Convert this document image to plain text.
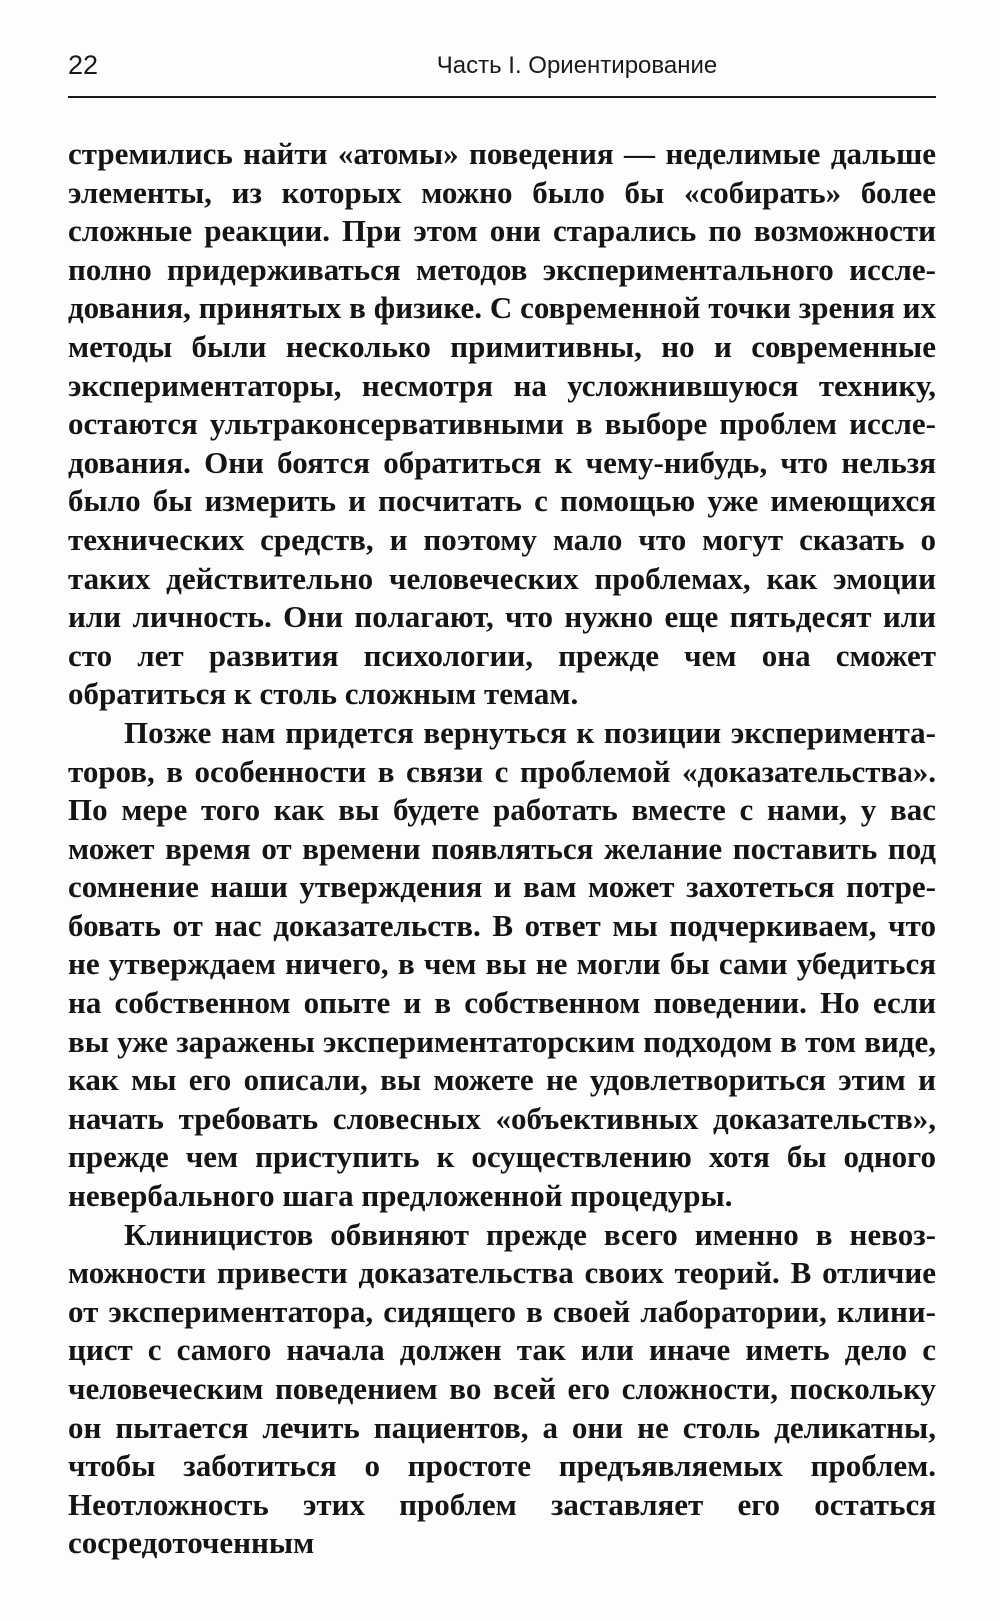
22	Часть I. Ориентирование

стремились найти «атомы» поведения — неделимые дальше элементы, из которых можно было бы «собирать» более сложные реакции. При этом они старались по возможности полно придерживаться методов экспериментального исследования, принятых в физике. С современной точки зрения их методы были несколько примитивны, но и современные экспериментаторы, несмотря на усложнившуюся технику, остаются ультраконсервативными в выборе проблем исследования. Они боятся обратиться к чему-нибудь, что нельзя было бы измерить и посчитать с помощью уже имеющихся технических средств, и поэтому мало что могут сказать о таких действительно человеческих проблемах, как эмоции или личность. Они полагают, что нужно еще пятьдесят или сто лет развития психологии, прежде чем она сможет обратиться к столь сложным темам.

Позже нам придется вернуться к позиции экспериментаторов, в особенности в связи с проблемой «доказательства». По мере того как вы будете работать вместе с нами, у вас может время от времени появляться желание поставить под сомнение наши утверждения и вам может захотеться потребовать от нас доказательств. В ответ мы подчеркиваем, что не утверждаем ничего, в чем вы не могли бы сами убедиться на собственном опыте и в собственном поведении. Но если вы уже заражены экспериментаторским подходом в том виде, как мы его описали, вы можете не удовлетвориться этим и начать требовать словесных «объективных доказательств», прежде чем приступить к осуществлению хотя бы одного невербального шага предложенной процедуры.

Клиницистов обвиняют прежде всего именно в невозможности привести доказательства своих теорий. В отличие от экспериментатора, сидящего в своей лаборатории, клиницист с самого начала должен так или иначе иметь дело с человеческим поведением во всей его сложности, поскольку он пытается лечить пациентов, а они не столь деликатны, чтобы заботиться о простоте предъявляемых проблем. Неотложность этих проблем заставляет его остаться сосредоточенным
